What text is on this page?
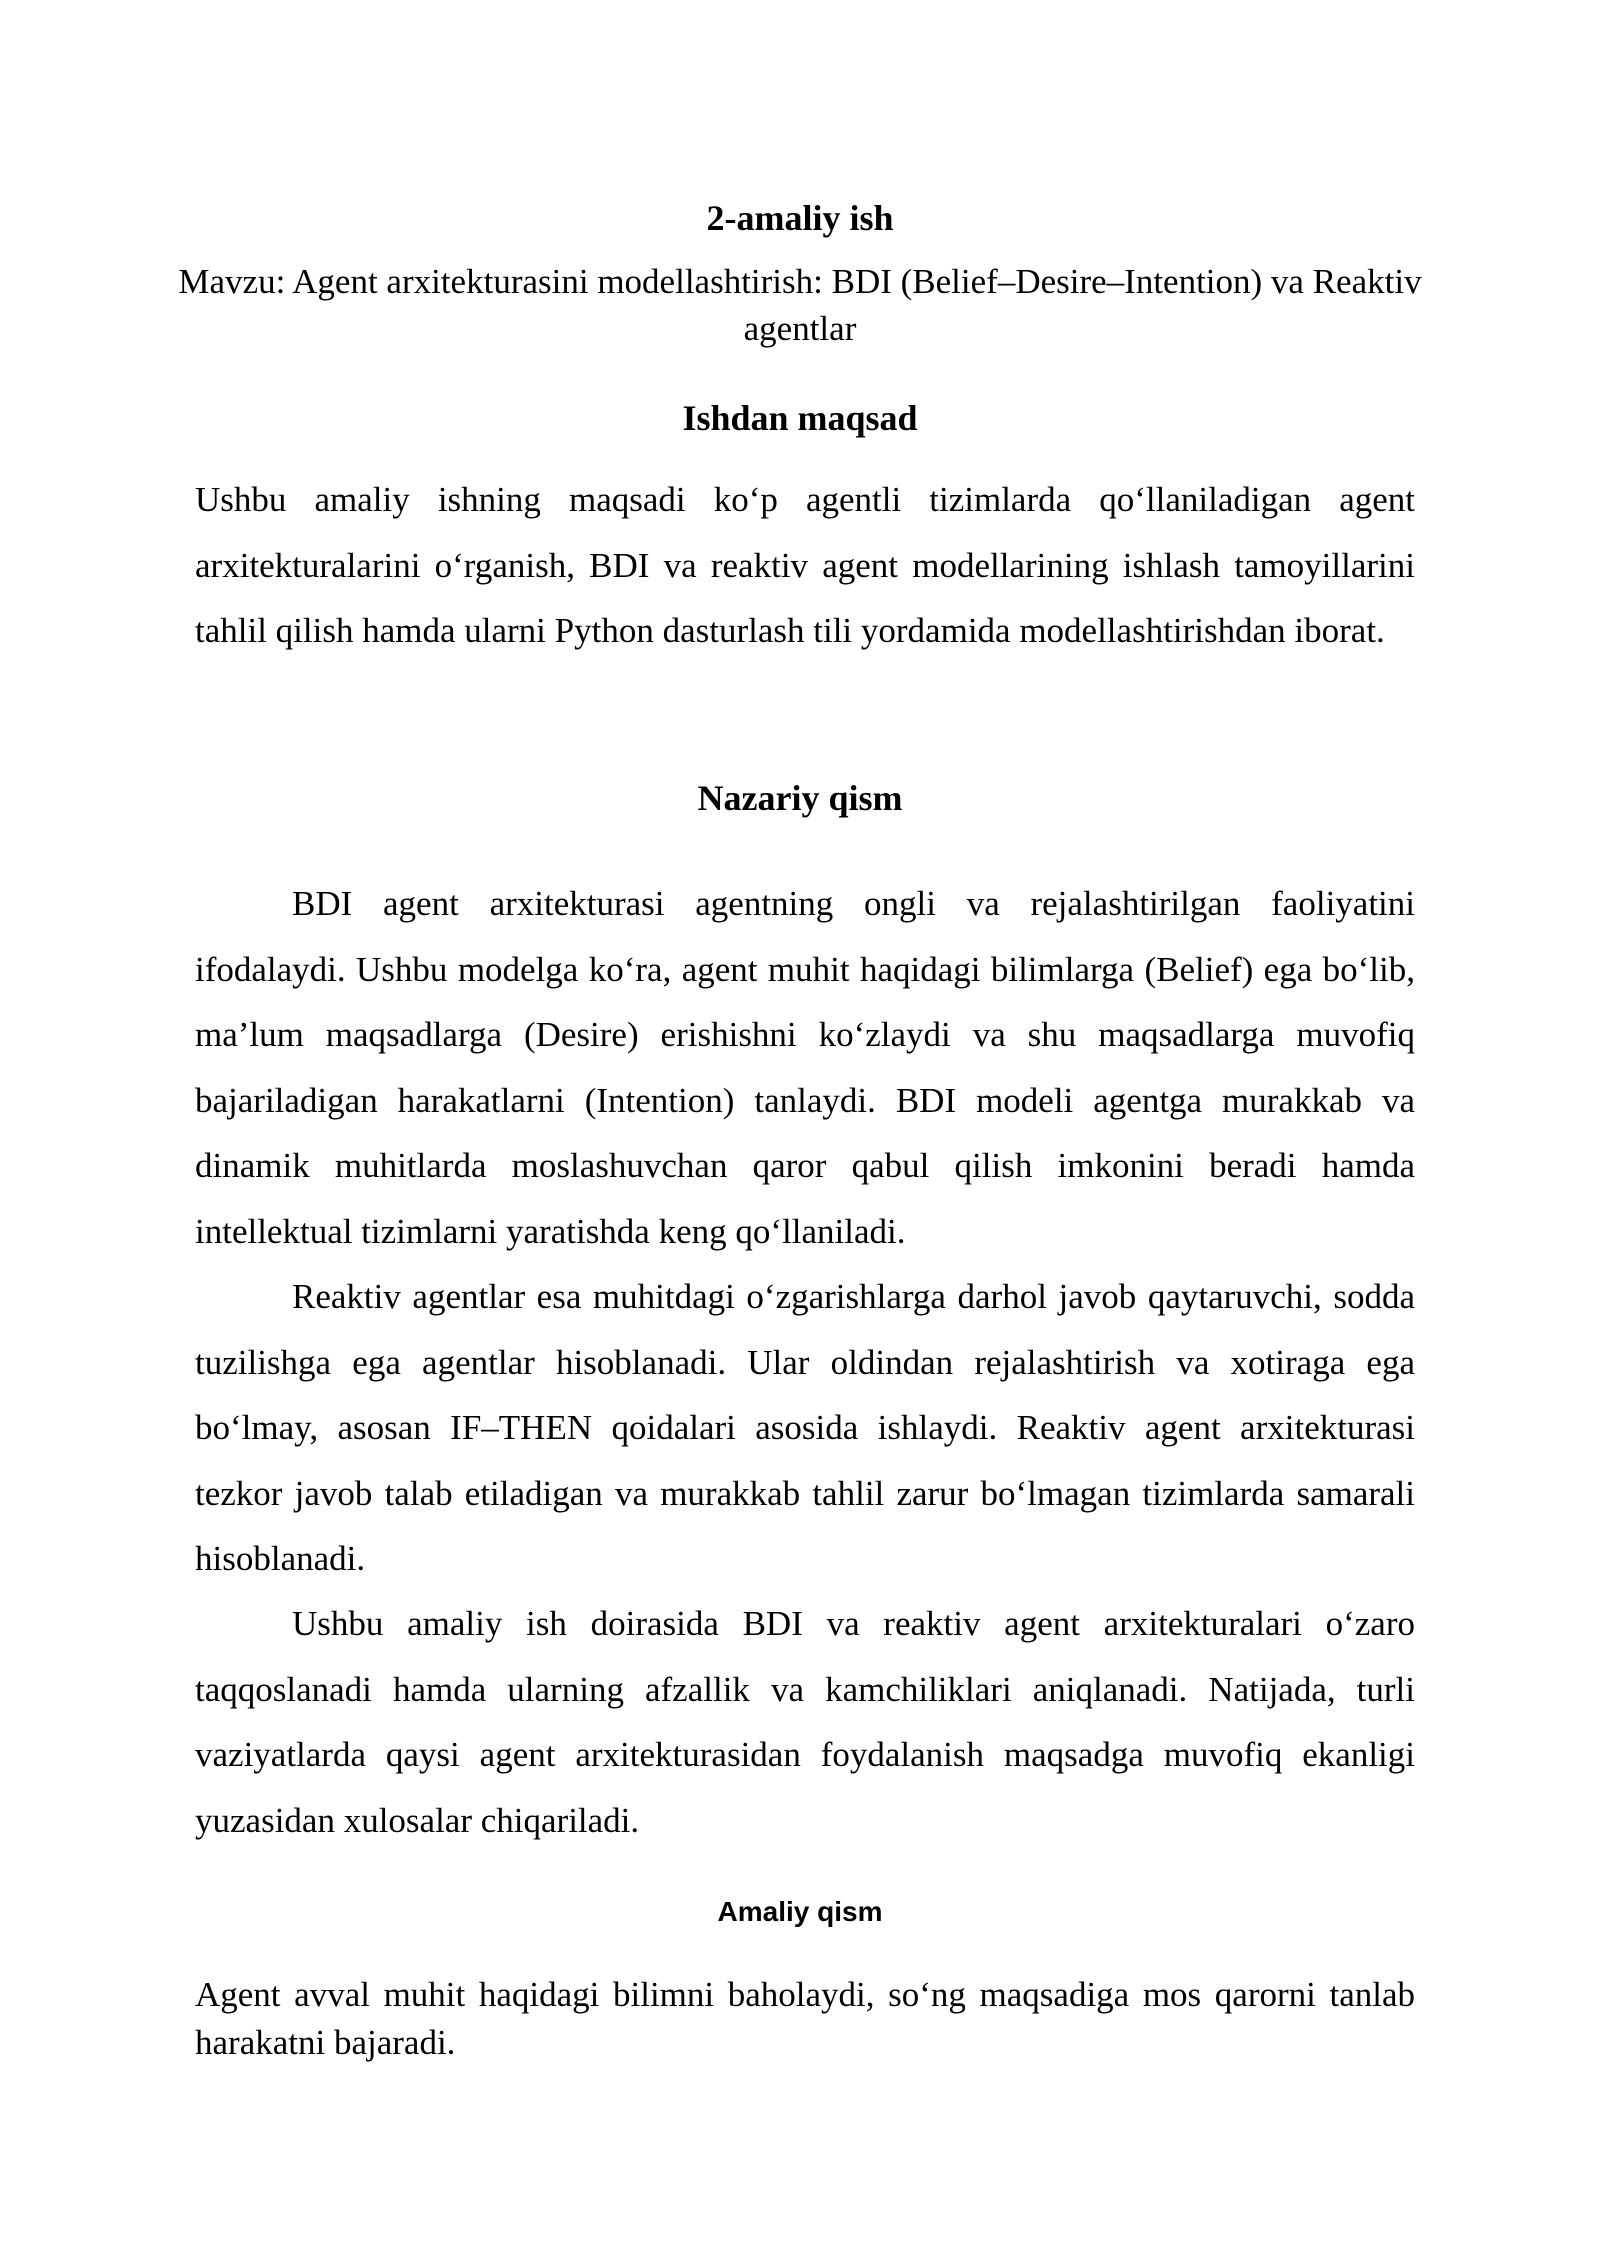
2-amaliy ish

Mavzu: Agent arxitekturasini modellashtirish: BDI (Belief–Desire–Intention) va Reaktiv agentlar

Ishdan maqsad

Ushbu amaliy ishning maqsadi ko‘p agentli tizimlarda qo‘llaniladigan agent arxitekturalarini o‘rganish, BDI va reaktiv agent modellarining ishlash tamoyillarini tahlil qilish hamda ularni Python dasturlash tili yordamida modellashtirishdan iborat.

Nazariy qism

BDI agent arxitekturasi agentning ongli va rejalashtirilgan faoliyatini ifodalaydi. Ushbu modelga ko‘ra, agent muhit haqidagi bilimlarga (Belief) ega bo‘lib, ma’lum maqsadlarga (Desire) erishishni ko‘zlaydi va shu maqsadlarga muvofiq bajariladigan harakatlarni (Intention) tanlaydi. BDI modeli agentga murakkab va dinamik muhitlarda moslashuvchan qaror qabul qilish imkonini beradi hamda intellektual tizimlarni yaratishda keng qo‘llaniladi.

Reaktiv agentlar esa muhitdagi o‘zgarishlarga darhol javob qaytaruvchi, sodda tuzilishga ega agentlar hisoblanadi. Ular oldindan rejalashtirish va xotiraga ega bo‘lmay, asosan IF–THEN qoidalari asosida ishlaydi. Reaktiv agent arxitekturasi tezkor javob talab etiladigan va murakkab tahlil zarur bo‘lmagan tizimlarda samarali hisoblanadi.

Ushbu amaliy ish doirasida BDI va reaktiv agent arxitekturalari o‘zaro taqqoslanadi hamda ularning afzallik va kamchiliklari aniqlanadi. Natijada, turli vaziyatlarda qaysi agent arxitekturasidan foydalanish maqsadga muvofiq ekanligi yuzasidan xulosalar chiqariladi.

Amaliy qism

Agent avval muhit haqidagi bilimni baholaydi, so‘ng maqsadiga mos qarorni tanlab harakatni bajaradi.
